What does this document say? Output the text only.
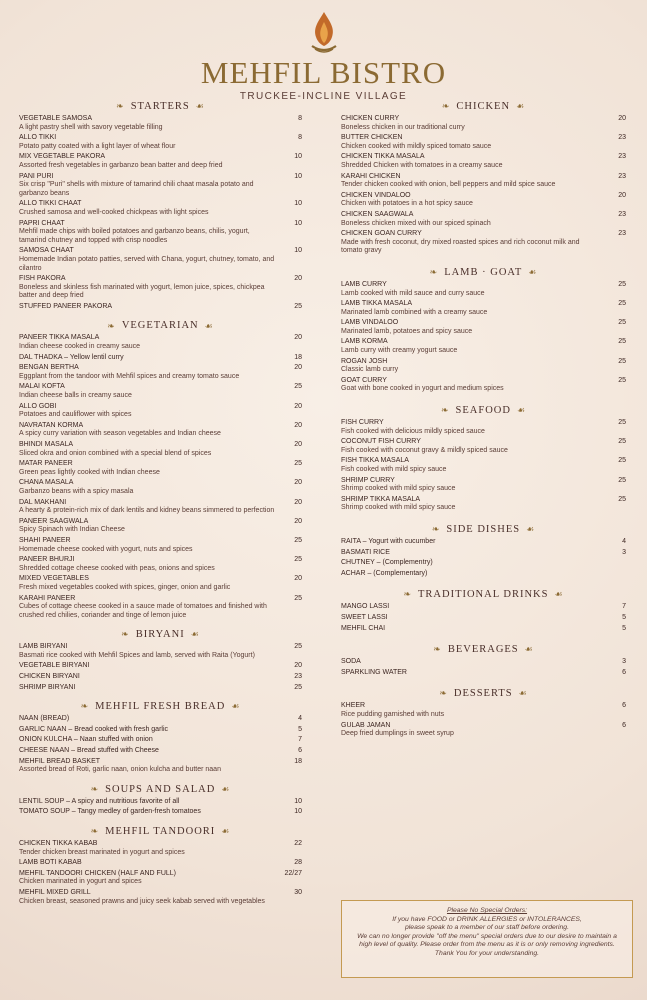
MEHFIL BISTRO
TRUCKEE-INCLINE VILLAGE
❧ STARTERS ☙
VEGETABLE SAMOSA
A light pastry shell with savory vegetable filling
8
ALLO TIKKI
Potato patty coated with a light layer of wheat flour
8
MIX VEGETABLE PAKORA
Assorted fresh vegetables in garbanzo bean batter and deep fried
10
PANI PURI
Six crisp "Puri" shells with mixture of tamarind chili chaat masala potato and garbanzo beans
10
ALLO TIKKI CHAAT
Crushed samosa and well-cooked chickpeas with light spices
10
PAPRI CHAAT
Mehfil made chips with boiled potatoes and garbanzo beans, chilis, yogurt, tamarind chutney and topped with crisp noodles
10
SAMOSA CHAAT
Homemade Indian potato patties, served with Chana, yogurt, chutney, tomato, and cilantro
10
FISH PAKORA
Boneless and skinless fish marinated with yogurt, lemon juice, spices, chickpea batter and deep fried
20
STUFFED PANEER PAKORA	25
❧ VEGETARIAN ☙
PANEER TIKKA MASALA
Indian cheese cooked in creamy sauce
20
DAL THADKA – Yellow lentil curry	18
BENGAN BERTHA
Eggplant from the tandoor with Mehfil spices and creamy tomato sauce
20
MALAI KOFTA
Indian cheese balls in creamy sauce
25
ALLO GOBI
Potatoes and cauliflower with spices
20
NAVRATAN KORMA
A spicy curry variation with season vegetables and Indian cheese
20
BHINDI MASALA
Sliced okra and onion combined with a special blend of spices
20
MATAR PANEER
Green peas lightly cooked with Indian cheese
25
CHANA MASALA
Garbanzo beans with a spicy masala
20
DAL MAKHANI
A hearty & protein-rich mix of dark lentils and kidney beans simmered to perfection
20
PANEER SAAGWALA
Spicy Spinach with Indian Cheese
20
SHAHI PANEER
Homemade cheese cooked with yogurt, nuts and spices
25
PANEER BHURJI
Shredded cottage cheese cooked with peas, onions and spices
25
MIXED VEGETABLES
Fresh mixed vegetables cooked with spices, ginger, onion and garlic
20
KARAHI PANEER
Cubes of cottage cheese cooked in a sauce made of tomatoes and finished with crushed red chilies, coriander and tinge of lemon juice
25
❧ BIRYANI ☙
LAMB BIRYANI
Basmati rice cooked with Mehfil Spices and lamb, served with Raita (Yogurt)
25
VEGETABLE BIRYANI	20
CHICKEN BIRYANI	23
SHRIMP BIRYANI	25
❧ MEHFIL FRESH BREAD ☙
NAAN (BREAD)	4
GARLIC NAAN – Bread cooked with fresh garlic	5
ONION KULCHA – Naan stuffed with onion	7
CHEESE NAAN – Bread stuffed with Cheese	6
MEHFIL BREAD BASKET
Assorted bread of Roti, garlic naan, onion kulcha and butter naan
18
❧ SOUPS AND SALAD ☙
LENTIL SOUP – A spicy and nutritious favorite of all	10
TOMATO SOUP – Tangy medley of garden-fresh tomatoes	10
❧ MEHFIL TANDOORI ☙
CHICKEN TIKKA KABAB
Tender chicken breast marinated in yogurt and spices
22
LAMB BOTI KABAB	28
MEHFIL TANDOORI CHICKEN (HALF AND FULL)
Chicken marinated in yogurt and spices
22/27
MEHFIL MIXED GRILL
Chicken breast, seasoned prawns and juicy seek kabab served with vegetables
30
❧ CHICKEN ☙
CHICKEN CURRY
Boneless chicken in our traditional curry
20
BUTTER CHICKEN
Chicken cooked with mildly spiced tomato sauce
23
CHICKEN TIKKA MASALA
Shredded Chicken with tomatoes in a creamy sauce
23
KARAHI CHICKEN
Tender chicken cooked with onion, bell peppers and mild spice sauce
23
CHICKEN VINDALOO
Chicken with potatoes in a hot spicy sauce
20
CHICKEN SAAGWALA
Boneless chicken mixed with our spiced spinach
23
CHICKEN GOAN CURRY
Made with fresh coconut, dry mixed roasted spices and rich coconut milk and tomato gravy
23
❧ LAMB · GOAT ☙
LAMB CURRY
Lamb cooked with mild sauce and curry sauce
25
LAMB TIKKA MASALA
Marinated lamb combined with a creamy sauce
25
LAMB VINDALOO
Marinated lamb, potatoes and spicy sauce
25
LAMB KORMA
Lamb curry with creamy yogurt sauce
25
ROGAN JOSH
Classic lamb curry
25
GOAT CURRY
Goat with bone cooked in yogurt and medium spices
25
❧ SEAFOOD ☙
FISH CURRY
Fish cooked with delicious mildly spiced sauce
25
COCONUT FISH CURRY
Fish cooked with coconut gravy & mildly spiced sauce
25
FISH TIKKA MASALA
Fish cooked with mild spicy sauce
25
SHRIMP CURRY
Shrimp cooked with mild spicy sauce
25
SHRIMP TIKKA MASALA
Shrimp cooked with mild spicy sauce
25
❧ SIDE DISHES ☙
RAITA – Yogurt with cucumber	4
BASMATI RICE	3
CHUTNEY – (Complementry)
ACHAR – (Complementary)
❧ TRADITIONAL DRINKS ☙
MANGO LASSI	7
SWEET LASSI	5
MEHFIL CHAI	5
❧ BEVERAGES ☙
SODA	3
SPARKLING WATER	6
❧ DESSERTS ☙
KHEER
Rice pudding garnished with nuts
6
GULAB JAMAN
Deep fried dumplings in sweet syrup
6
Please No Special Orders:
If you have FOOD or DRINK ALLERGIES or INTOLERANCES,
please speak to a member of our staff before ordering.
We can no longer provide "off the menu" special orders due to our desire to maintain a high level of quality. Please order from the menu as it is or only removing ingredients. Thank You for your understanding.
